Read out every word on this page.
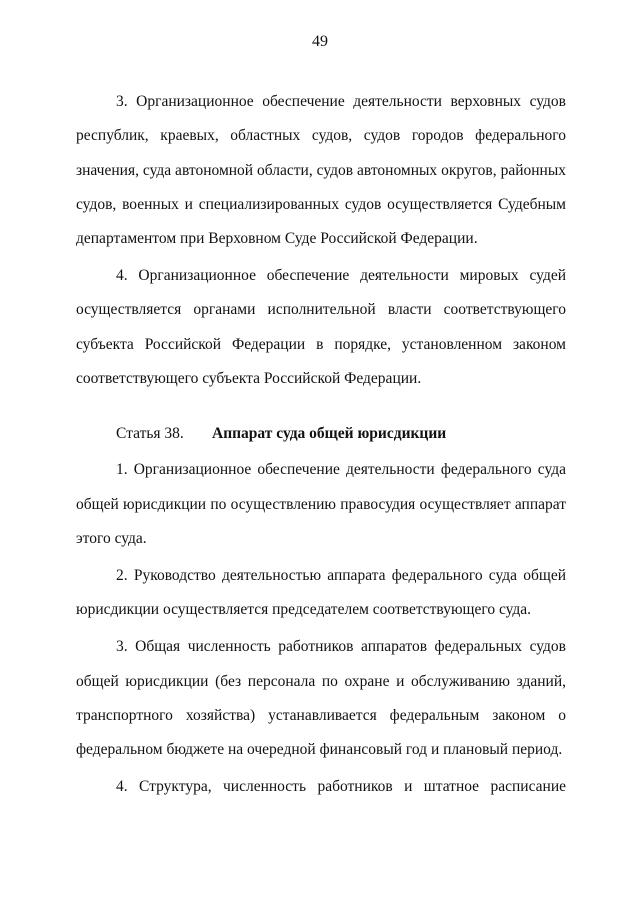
49
3. Организационное обеспечение деятельности верховных судов
республик, краевых, областных судов, судов городов федерального
значения, суда автономной области, судов автономных округов, районных
судов, военных и специализированных судов осуществляется Судебным
департаментом при Верховном Суде Российской Федерации.
4. Организационное обеспечение деятельности мировых судей
осуществляется органами исполнительной власти соответствующего
субъекта Российской Федерации в порядке, установленном законом
соответствующего субъекта Российской Федерации.
Статья 38. Аппарат суда общей юрисдикции
1. Организационное обеспечение деятельности федерального суда
общей юрисдикции по осуществлению правосудия осуществляет аппарат
этого суда.
2. Руководство деятельностью аппарата федерального суда общей
юрисдикции осуществляется председателем соответствующего суда.
3. Общая численность работников аппаратов федеральных судов
общей юрисдикции (без персонала по охране и обслуживанию зданий,
транспортного хозяйства) устанавливается федеральным законом о
федеральном бюджете на очередной финансовый год и плановый период.
4. Структура, численность работников и штатное расписание
